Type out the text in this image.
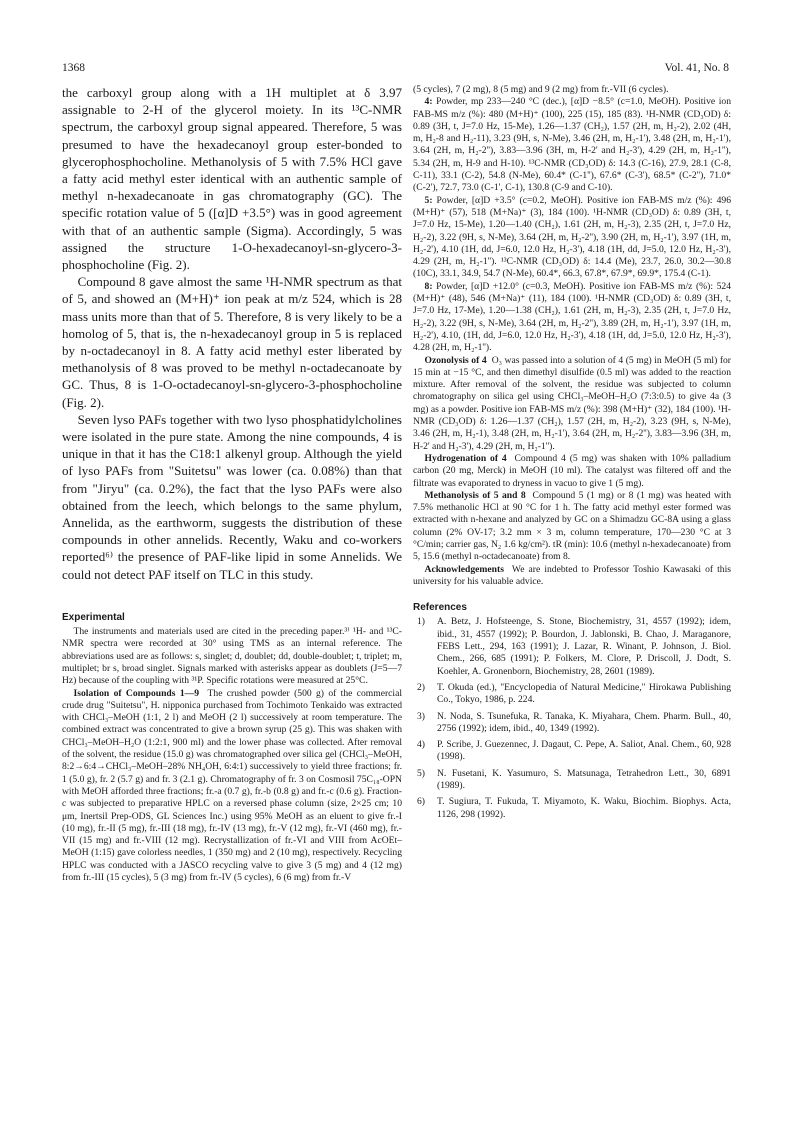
1368	Vol. 41, No. 8

the carboxyl group along with a 1H multiplet at δ 3.97 assignable to 2-H of the glycerol moiety. In its ¹³C-NMR spectrum, the carboxyl group signal appeared. Therefore, 5 was presumed to have the hexadecanoyl group ester-bonded to glycerophosphocholine. Methanolysis of 5 with 7.5% HCl gave a fatty acid methyl ester identical with an authentic sample of methyl n-hexadecanoate in gas chromatography (GC). The specific rotation value of 5 ([α]D +3.5°) was in good agreement with that of an authentic sample (Sigma). Accordingly, 5 was assigned the structure 1-O-hexadecanoyl-sn-glycero-3-phosphocholine (Fig. 2).

Compound 8 gave almost the same ¹H-NMR spectrum as that of 5, and showed an (M+H)⁺ ion peak at m/z 524, which is 28 mass units more than that of 5. Therefore, 8 is very likely to be a homolog of 5, that is, the n-hexadecanoyl group in 5 is replaced by n-octadecanoyl in 8. A fatty acid methyl ester liberated by methanolysis of 8 was proved to be methyl n-octadecanoate by GC. Thus, 8 is 1-O-octadecanoyl-sn-glycero-3-phosphocholine (Fig. 2).

Seven lyso PAFs together with two lyso phosphatidylcholines were isolated in the pure state. Among the nine compounds, 4 is unique in that it has the C18:1 alkenyl group. Although the yield of lyso PAFs from "Suitetsu" was lower (ca. 0.08%) than that from "Jiryu" (ca. 0.2%), the fact that the lyso PAFs were also obtained from the leech, which belongs to the same phylum, Annelida, as the earthworm, suggests the distribution of these compounds in other annelids. Recently, Waku and co-workers reported⁶⁾ the presence of PAF-like lipid in some Annelids. We could not detect PAF itself on TLC in this study.

Experimental

The instruments and materials used are cited in the preceding paper.³⁾ ¹H- and ¹³C-NMR spectra were recorded at 30° using TMS as an internal reference. The abbreviations used are as follows: s, singlet; d, doublet; dd, double-doublet; t, triplet; m, multiplet; br s, broad singlet. Signals marked with asterisks appear as doublets (J=5—7 Hz) because of the coupling with ³¹P. Specific rotations were measured at 25°C.

Isolation of Compounds 1—9 The crushed powder (500 g) of the commercial crude drug "Suitetsu", H. nipponica purchased from Tochimoto Tenkaido was extracted with CHCl₃–MeOH (1:1, 2 l) and MeOH (2 l) successively at room temperature. The combined extract was concentrated to give a brown syrup (25 g). This was shaken with CHCl₃–MeOH–H₂O (1:2:1, 900 ml) and the lower phase was collected. After removal of the solvent, the residue (15.0 g) was chromatographed over silica gel (CHCl₃–MeOH, 8:2→6:4→CHCl₃–MeOH–28% NH₄OH, 6:4:1) successively to yield three fractions; fr. 1 (5.0 g), fr. 2 (5.7 g) and fr. 3 (2.1 g). Chromatography of fr. 3 on Cosmosil 75C₁₈-OPN with MeOH afforded three fractions; fr.-a (0.7 g), fr.-b (0.8 g) and fr.-c (0.6 g). Fraction-c was subjected to preparative HPLC on a reversed phase column (size, 2×25 cm; 10 μm, Inertsil Prep-ODS, GL Sciences Inc.) using 95% MeOH as an eluent to give fr.-I (10 mg), fr.-II (5 mg), fr.-III (18 mg), fr.-IV (13 mg), fr.-V (12 mg), fr.-VI (460 mg), fr.-VII (15 mg) and fr.-VIII (12 mg). Recrystallization of fr.-VI and VIII from AcOEt–MeOH (1:15) gave colorless needles, 1 (350 mg) and 2 (10 mg), respectively. Recycling HPLC was conducted with a JASCO recycling valve to give 3 (5 mg) and 4 (12 mg) from fr.-III (15 cycles), 5 (3 mg) from fr.-IV (5 cycles), 6 (6 mg) from fr.-V

(5 cycles), 7 (2 mg), 8 (5 mg) and 9 (2 mg) from fr.-VII (6 cycles).

4: Powder, mp 233—240 °C (dec.), [α]D −8.5° (c=1.0, MeOH). Positive ion FAB-MS m/z (%): 480 (M+H)⁺ (100), 225 (15), 185 (83). ¹H-NMR (CD₃OD) δ: 0.89 (3H, t, J=7.0 Hz, 15-Me), 1.26—1.37 (CH₂), 1.57 (2H, m, H₂-2), 2.02 (4H, m, H₂-8 and H₂-11), 3.23 (9H, s, N-Me), 3.46 (2H, m, H₂-1'), 3.48 (2H, m, H₂-1'), 3.64 (2H, m, H₂-2''), 3.83—3.96 (3H, m, H-2' and H₂-3'), 4.29 (2H, m, H₂-1''), 5.34 (2H, m, H-9 and H-10). ¹³C-NMR (CD₃OD) δ: 14.3 (C-16), 27.9, 28.1 (C-8, C-11), 33.1 (C-2), 54.8 (N-Me), 60.4* (C-1''), 67.6* (C-3'), 68.5* (C-2''), 71.0* (C-2'), 72.7, 73.0 (C-1', C-1), 130.8 (C-9 and C-10).

5: Powder, [α]D +3.5° (c=0.2, MeOH). Positive ion FAB-MS m/z (%): 496 (M+H)⁺ (57), 518 (M+Na)⁺ (3), 184 (100). ¹H-NMR (CD₃OD) δ: 0.89 (3H, t, J=7.0 Hz, 15-Me), 1.20—1.40 (CH₂), 1.61 (2H, m, H₂-3), 2.35 (2H, t, J=7.0 Hz, H₂-2), 3.22 (9H, s, N-Me), 3.64 (2H, m, H₂-2''), 3.90 (2H, m, H₂-1'), 3.97 (1H, m, H₂-2'), 4.10 (1H, dd, J=6.0, 12.0 Hz, H₂-3'), 4.18 (1H, dd, J=5.0, 12.0 Hz, H₂-3'), 4.29 (2H, m, H₂-1''). ¹³C-NMR (CD₃OD) δ: 14.4 (Me), 23.7, 26.0, 30.2—30.8 (10C), 33.1, 34.9, 54.7 (N-Me), 60.4*, 66.3, 67.8*, 67.9*, 69.9*, 175.4 (C-1).

8: Powder, [α]D +12.0° (c=0.3, MeOH). Positive ion FAB-MS m/z (%): 524 (M+H)⁺ (48), 546 (M+Na)⁺ (11), 184 (100). ¹H-NMR (CD₃OD) δ: 0.89 (3H, t, J=7.0 Hz, 17-Me), 1.20—1.38 (CH₂), 1.61 (2H, m, H₂-3), 2.35 (2H, t, J=7.0 Hz, H₂-2), 3.22 (9H, s, N-Me), 3.64 (2H, m, H₂-2''), 3.89 (2H, m, H₂-1'), 3.97 (1H, m, H₂-2'), 4.10, (1H, dd, J=6.0, 12.0 Hz, H₂-3'), 4.18 (1H, dd, J=5.0, 12.0 Hz, H₂-3'), 4.28 (2H, m, H₂-1'').

Ozonolysis of 4 O₃ was passed into a solution of 4 (5 mg) in MeOH (5 ml) for 15 min at −15 °C, and then dimethyl disulfide (0.5 ml) was added to the reaction mixture. After removal of the solvent, the residue was subjected to column chromatography on silica gel using CHCl₃–MeOH–H₂O (7:3:0.5) to give 4a (3 mg) as a powder. Positive ion FAB-MS m/z (%): 398 (M+H)⁺ (32), 184 (100). ¹H-NMR (CD₃OD) δ: 1.26—1.37 (CH₂), 1.57 (2H, m, H₂-2), 3.23 (9H, s, N-Me), 3.46 (2H, m, H₂-1), 3.48 (2H, m, H₂-1'), 3.64 (2H, m, H₂-2''), 3.83—3.96 (3H, m, H-2' and H₂-3'), 4.29 (2H, m, H₂-1'').

Hydrogenation of 4 Compound 4 (5 mg) was shaken with 10% palladium carbon (20 mg, Merck) in MeOH (10 ml). The catalyst was filtered off and the filtrate was evaporated to dryness in vacuo to give 1 (5 mg).

Methanolysis of 5 and 8 Compound 5 (1 mg) or 8 (1 mg) was heated with 7.5% methanolic HCl at 90 °C for 1 h. The fatty acid methyl ester formed was extracted with n-hexane and analyzed by GC on a Shimadzu GC-8A using a glass column (2% OV-17; 3.2 mm × 3 m, column temperature, 170—230 °C at 3 °C/min; carrier gas, N₂ 1.6 kg/cm²). tR (min): 10.6 (methyl n-hexadecanoate) from 5, 15.6 (methyl n-octadecanoate) from 8.

Acknowledgements We are indebted to Professor Toshio Kawasaki of this university for his valuable advice.

References
1) A. Betz, J. Hofsteenge, S. Stone, Biochemistry, 31, 4557 (1992); idem, ibid., 31, 4557 (1992); P. Bourdon, J. Jablonski, B. Chao, J. Maraganore, FEBS Lett., 294, 163 (1991); J. Lazar, R. Winant, P. Johnson, J. Biol. Chem., 266, 685 (1991); P. Folkers, M. Clore, P. Driscoll, J. Dodt, S. Koehler, A. Gronenborn, Biochemistry, 28, 2601 (1989).
2) T. Okuda (ed.), "Encyclopedia of Natural Medicine," Hirokawa Publishing Co., Tokyo, 1986, p. 224.
3) N. Noda, S. Tsunefuka, R. Tanaka, K. Miyahara, Chem. Pharm. Bull., 40, 2756 (1992); idem, ibid., 40, 1349 (1992).
4) P. Scribe, J. Guezennec, J. Dagaut, C. Pepe, A. Saliot, Anal. Chem., 60, 928 (1998).
5) N. Fusetani, K. Yasumuro, S. Matsunaga, Tetrahedron Lett., 30, 6891 (1989).
6) T. Sugiura, T. Fukuda, T. Miyamoto, K. Waku, Biochim. Biophys. Acta, 1126, 298 (1992).
